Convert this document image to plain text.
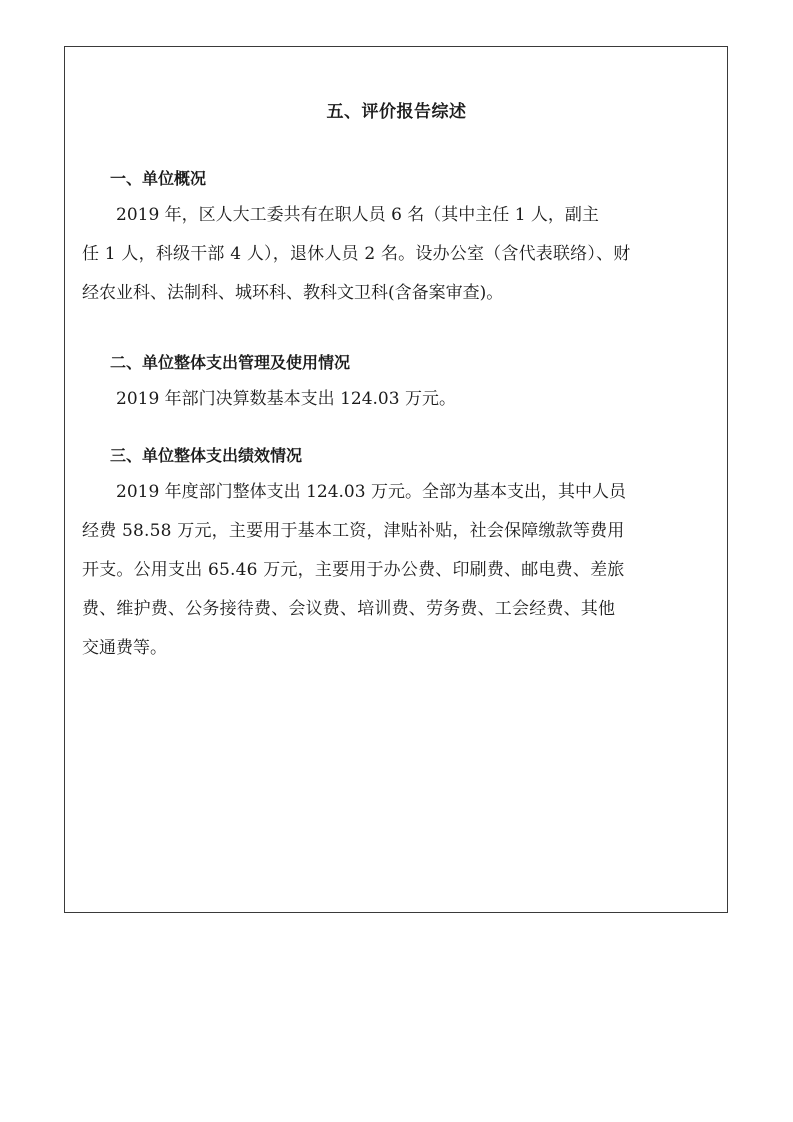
五、评价报告综述
一、单位概况
2019 年，区人大工委共有在职人员 6 名（其中主任 1 人，副主
任 1 人，科级干部 4 人），退休人员 2 名。设办公室（含代表联络）、财
经农业科、法制科、城环科、教科文卫科(含备案审查)。
二、单位整体支出管理及使用情况
2019 年部门决算数基本支出 124.03 万元。
三、单位整体支出绩效情况
2019 年度部门整体支出 124.03 万元。全部为基本支出，其中人员
经费 58.58 万元，主要用于基本工资，津贴补贴，社会保障缴款等费用
开支。公用支出 65.46 万元，主要用于办公费、印刷费、邮电费、差旅
费、维护费、公务接待费、会议费、培训费、劳务费、工会经费、其他
交通费等。
